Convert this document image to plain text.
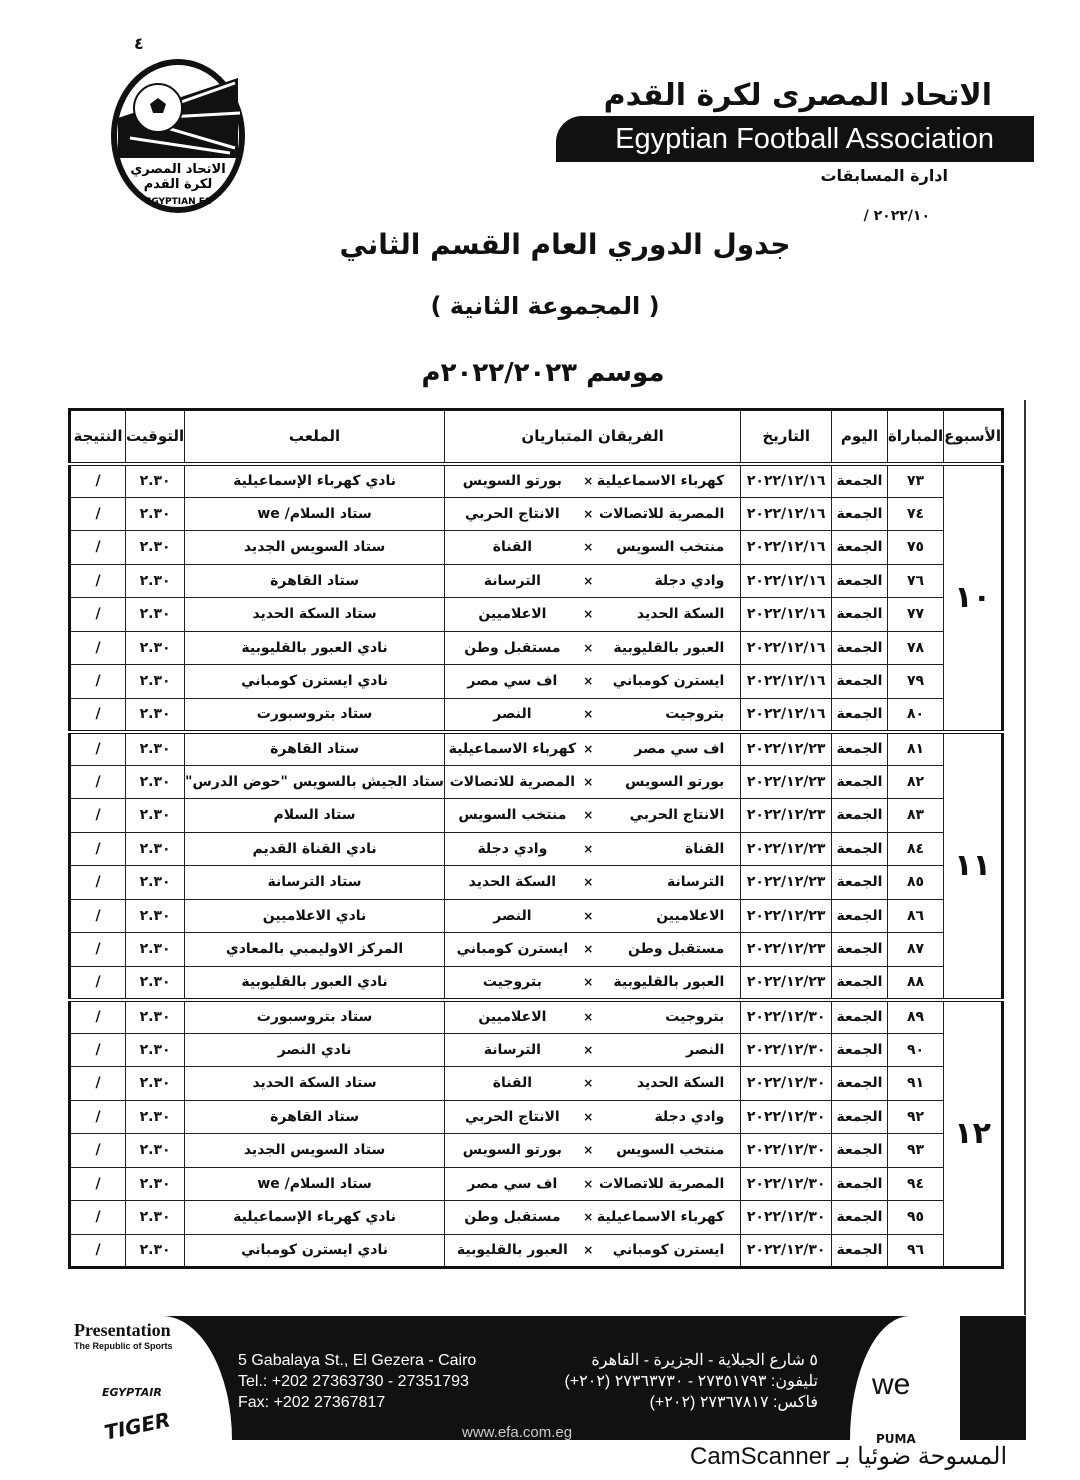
٤
الاتحاد المصري
لكرة القدم
EGYPTIAN FA
الاتحاد المصرى لكرة القدم
Egyptian Football Association
ادارة المسابقات
/ ٢٠٢٢/١٠
جدول الدوري العام القسم الثاني
( المجموعة الثانية )
موسم ٢٠٢٢/٢٠٢٣م
الأسبوع	المباراة	اليوم	التاريخ	الفريقان المتباريان			الملعب	التوقيت	النتيجة
١٠	٧٣	الجمعة	٢٠٢٢/١٢/١٦	كهرباء الاسماعيلية	×	بورتو السويس	نادي كهرباء الإسماعيلية	٢.٣٠	/
	٧٤	الجمعة	٢٠٢٢/١٢/١٦	المصرية للاتصالات	×	الانتاج الحربي	ستاد السلام/ we	٢.٣٠	/
	٧٥	الجمعة	٢٠٢٢/١٢/١٦	منتخب السويس	×	القناة	ستاد السويس الجديد	٢.٣٠	/
	٧٦	الجمعة	٢٠٢٢/١٢/١٦	وادي دجلة	×	الترسانة	ستاد القاهرة	٢.٣٠	/
	٧٧	الجمعة	٢٠٢٢/١٢/١٦	السكة الحديد	×	الاعلاميين	ستاد السكة الحديد	٢.٣٠	/
	٧٨	الجمعة	٢٠٢٢/١٢/١٦	العبور بالقليوبية	×	مستقبل وطن	نادي العبور بالقليوبية	٢.٣٠	/
	٧٩	الجمعة	٢٠٢٢/١٢/١٦	ايسترن كومباني	×	اف سي مصر	نادي ايسترن كومباني	٢.٣٠	/
	٨٠	الجمعة	٢٠٢٢/١٢/١٦	بتروجيت	×	النصر	ستاد بتروسبورت	٢.٣٠	/
١١	٨١	الجمعة	٢٠٢٢/١٢/٢٣	اف سي مصر	×	كهرباء الاسماعيلية	ستاد القاهرة	٢.٣٠	/
	٨٢	الجمعة	٢٠٢٢/١٢/٢٣	بورتو السويس	×	المصرية للاتصالات	ستاد الجيش بالسويس "حوض الدرس"	٢.٣٠	/
	٨٣	الجمعة	٢٠٢٢/١٢/٢٣	الانتاج الحربي	×	منتخب السويس	ستاد السلام	٢.٣٠	/
	٨٤	الجمعة	٢٠٢٢/١٢/٢٣	القناة	×	وادي دجلة	نادي القناة القديم	٢.٣٠	/
	٨٥	الجمعة	٢٠٢٢/١٢/٢٣	الترسانة	×	السكة الحديد	ستاد الترسانة	٢.٣٠	/
	٨٦	الجمعة	٢٠٢٢/١٢/٢٣	الاعلاميين	×	النصر	نادي الاعلاميين	٢.٣٠	/
	٨٧	الجمعة	٢٠٢٢/١٢/٢٣	مستقبل وطن	×	ايسترن كومباني	المركز الاوليمبي بالمعادي	٢.٣٠	/
	٨٨	الجمعة	٢٠٢٢/١٢/٢٣	العبور بالقليوبية	×	بتروجيت	نادي العبور بالقليوبية	٢.٣٠	/
١٢	٨٩	الجمعة	٢٠٢٢/١٢/٣٠	بتروجيت	×	الاعلاميين	ستاد بتروسبورت	٢.٣٠	/
	٩٠	الجمعة	٢٠٢٢/١٢/٣٠	النصر	×	الترسانة	نادي النصر	٢.٣٠	/
	٩١	الجمعة	٢٠٢٢/١٢/٣٠	السكة الحديد	×	القناة	ستاد السكة الحديد	٢.٣٠	/
	٩٢	الجمعة	٢٠٢٢/١٢/٣٠	وادي دجلة	×	الانتاج الحربي	ستاد القاهرة	٢.٣٠	/
	٩٣	الجمعة	٢٠٢٢/١٢/٣٠	منتخب السويس	×	بورتو السويس	ستاد السويس الجديد	٢.٣٠	/
	٩٤	الجمعة	٢٠٢٢/١٢/٣٠	المصرية للاتصالات	×	اف سي مصر	ستاد السلام/ we	٢.٣٠	/
	٩٥	الجمعة	٢٠٢٢/١٢/٣٠	كهرباء الاسماعيلية	×	مستقبل وطن	نادي كهرباء الإسماعيلية	٢.٣٠	/
	٩٦	الجمعة	٢٠٢٢/١٢/٣٠	ايسترن كومباني	×	العبور بالقليوبية	نادي ايسترن كومباني	٢.٣٠	/
5 Gabalaya St., El Gezera - Cairo
Tel.: +202 27363730 - 27351793
Fax: +202 27367817
٥ شارع الجبلاية - الجزيرة - القاهرة
تليفون: ٢٧٣٥١٧٩٣ - ٢٧٣٦٣٧٣٠ (٢٠٢+)
فاكس: ٢٧٣٦٧٨١٧ (٢٠٢+)
www.efa.com.eg
Presentation
The Republic of Sports
EGYPTAIR
TIGER
we
PUMA
المسوحة ضوئيا بـ CamScanner
